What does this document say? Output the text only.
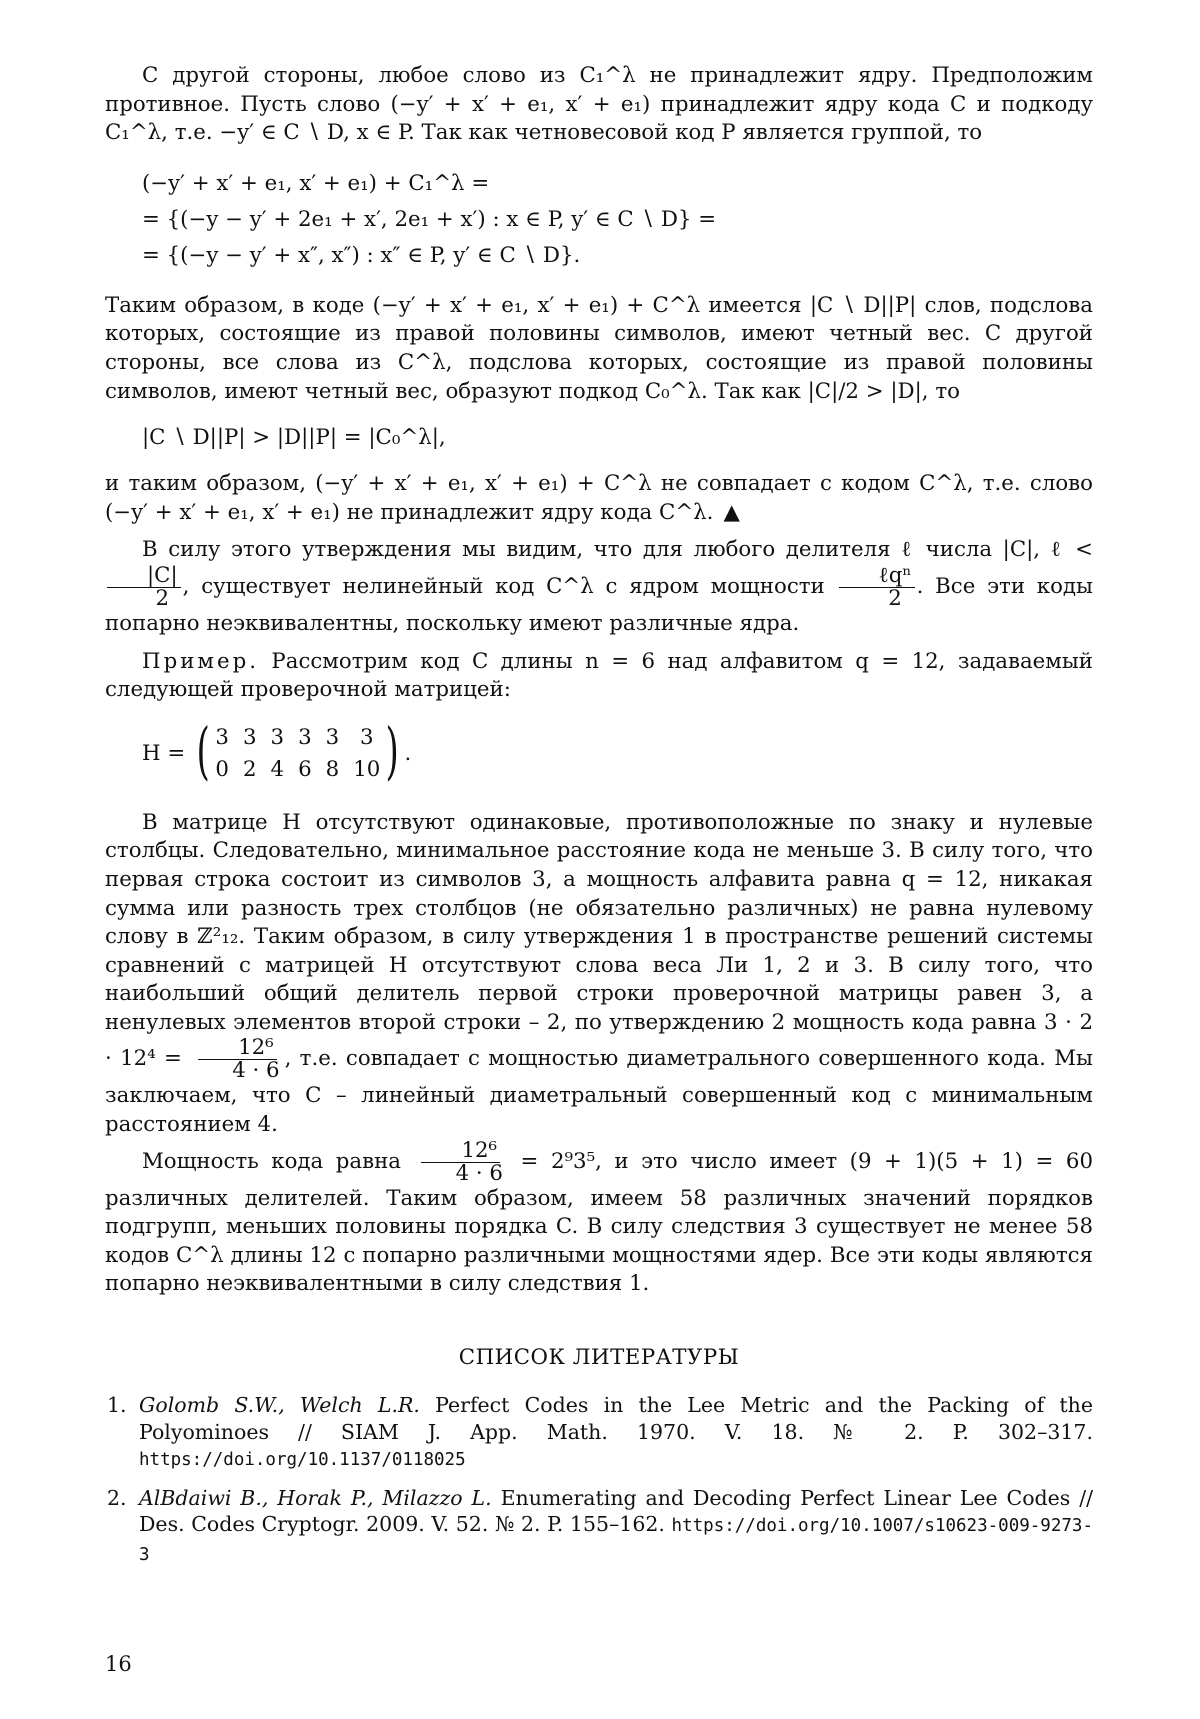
С другой стороны, любое слово из C₁^λ не принадлежит ядру. Предположим противное. Пусть слово (−y′ + x′ + e₁, x′ + e₁) принадлежит ядру кода C и подкоду C₁^λ, т.е. −y′ ∈ C ∖ D, x ∈ P. Так как четновесовой код P является группой, то

(−y′ + x′ + e₁, x′ + e₁) + C₁^λ =
= {(−y − y′ + 2e₁ + x′, 2e₁ + x′) : x ∈ P, y′ ∈ C ∖ D} =
= {(−y − y′ + x″, x″) : x″ ∈ P, y′ ∈ C ∖ D}.

Таким образом, в коде (−y′ + x′ + e₁, x′ + e₁) + C^λ имеется |C ∖ D||P| слов, подслова которых, состоящие из правой половины символов, имеют четный вес. С другой стороны, все слова из C^λ, подслова которых, состоящие из правой половины символов, имеют четный вес, образуют подкод C₀^λ. Так как |C|/2 > |D|, то

|C ∖ D||P| > |D||P| = |C₀^λ|,

и таким образом, (−y′ + x′ + e₁, x′ + e₁) + C^λ не совпадает с кодом C^λ, т.е. слово (−y′ + x′ + e₁, x′ + e₁) не принадлежит ядру кода C^λ. ▲

В силу этого утверждения мы видим, что для любого делителя ℓ числа |C|, ℓ <
$\frac{|C|}{2}$ , существует нелинейный код C^λ с ядром мощности $\frac{\text{ℓqⁿ}}{2}$ . Все эти коды попарно неэквивалентны, поскольку имеют различные ядра.

Пример. Рассмотрим код C длины n = 6 над алфавитом q = 12, задаваемый следующей проверочной матрицей:

H = ( 3 3 3 3 3 3
0 2 4 6 8 10 ) .

В матрице H отсутствуют одинаковые, противоположные по знаку и нулевые столбцы. Следовательно, минимальное расстояние кода не меньше 3. В силу того, что первая строка состоит из символов 3, а мощность алфавита равна q = 12, никакая сумма или разность трех столбцов (не обязательно различных) не равна нулевому слову в ℤ²₁₂. Таким образом, в силу утверждения 1 в пространстве решений системы сравнений с матрицей H отсутствуют слова веса Ли 1, 2 и 3. В силу того, что наибольший общий делитель первой строки проверочной матрицы равен 3, а ненулевых элементов второй строки – 2, по утверждению 2 мощность кода равна $3 \cdot 2 \cdot 12^4 = \frac{\text{12⁶}}{4 \cdot 6}$ , т.е. совпадает с мощностью диаметрального совершенного кода. Мы заключаем, что C – линейный диаметральный совершенный код с минимальным расстоянием 4.

Мощность кода равна $\frac{\text{12⁶}}{4 \cdot 6} = 2^93^5$, и это число имеет (9 + 1)(5 + 1) = 60 различных делителей. Таким образом, имеем 58 различных значений порядков подгрупп, меньших половины порядка C. В силу следствия 3 существует не менее 58 кодов C^λ длины 12 с попарно различными мощностями ядер. Все эти коды являются попарно неэквивалентными в силу следствия 1.

СПИСОК ЛИТЕРАТУРЫ
1. Golomb S.W., Welch L.R. Perfect Codes in the Lee Metric and the Packing of the Polyominoes // SIAM J. App. Math. 1970. V. 18. № 2. P. 302–317. https://doi.org/10.1137/0118025
2. AlBdaiwi B., Horak P., Milazzo L. Enumerating and Decoding Perfect Linear Lee Codes // Des. Codes Cryptogr. 2009. V. 52. № 2. P. 155–162. https://doi.org/10.1007/s10623-009-9273-3
16
